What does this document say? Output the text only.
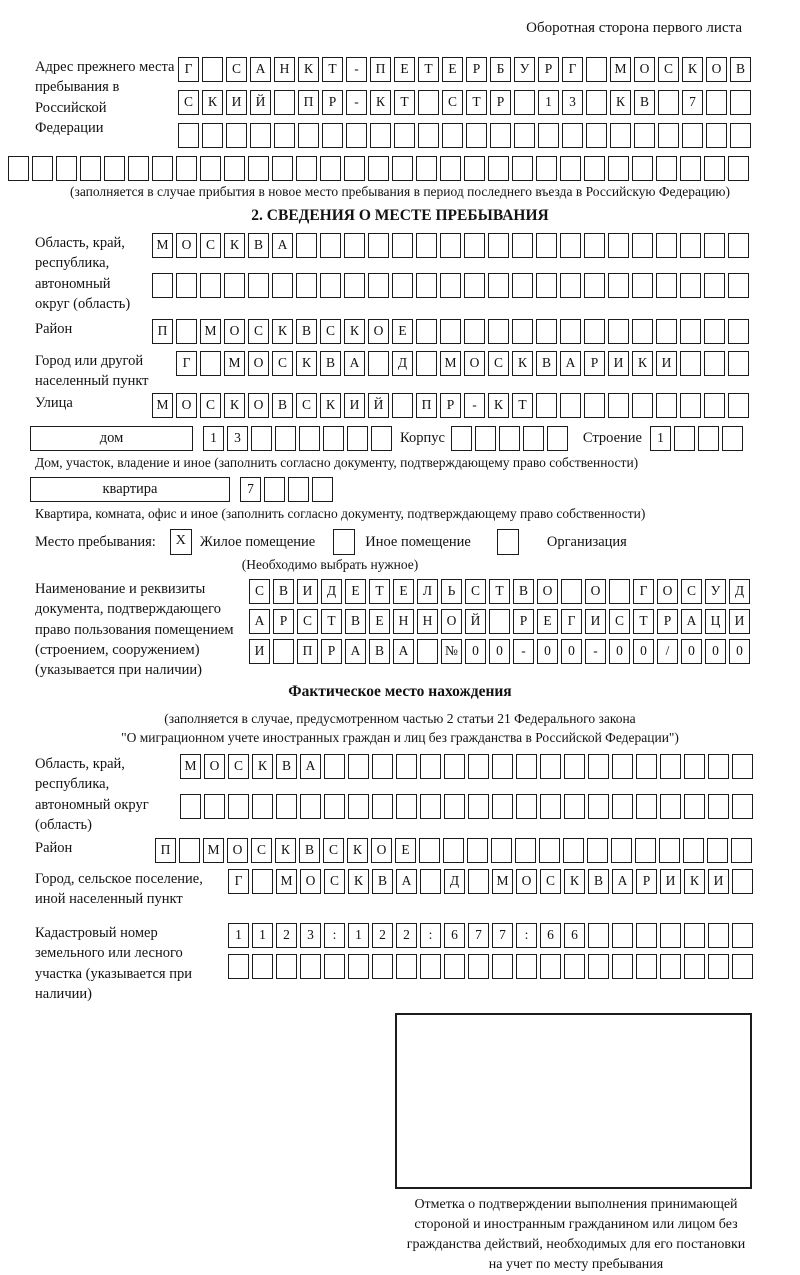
Оборотная сторона первого листа
Адрес прежнего места пребывания в Российской Федерации
Г	С	А	Н	К	Т	-	П	Е	Т	Е	Р	Б	У	Р	Г	М О	С	К	О	В
С	К	И	Й	П	Р	-	К	Т	С	Т	Р	1	3	К	В	7
(заполняется в случае прибытия в новое место пребывания в период последнего въезда в Российскую Федерацию)
2. СВЕДЕНИЯ О МЕСТЕ ПРЕБЫВАНИЯ
Область, край, республика, автономный округ (область)
М О	С	К	В	А
Район	П	М О	С	К	В	С	К	О	Е
Город или другой населенный пункт
Г	М О	С	К	В	А	Д	М О	С	К	В	А	Р	И	К	И
Улица	М О	С	К	О	В	С	К	И	Й	П	Р	-	К	Т
дом	1	3	Корпус	Строение	1
Дом, участок, владение и иное (заполнить согласно документу, подтверждающему право собственности)
квартира	7
Квартира, комната, офис и иное (заполнить согласно документу, подтверждающему право собственности)
Место пребывания:	X Жилое помещение	Иное помещение	Организация
(Необходимо выбрать нужное)
Наименование и реквизиты документа, подтверждающего право пользования помещением (строением, сооружением) (указывается при наличии)
С	В	И	Д	Е	Т	Е	Л	Ь	С	Т	В	О	О	Г	О	С	У	Д
А	Р	С	Т	В	Е	Н	Н	О	Й	Р	Е	Г	И	С	Т	Р	А	Ц	И
И	П	Р	А	В	А	№	0	0	-	0	0	-	0	0	/	0	0	0
Фактическое место нахождения
(заполняется в случае, предусмотренном частью 2 статьи 21 Федерального закона
"О миграционном учете иностранных граждан и лиц без гражданства в Российской Федерации")
Область, край, республика, автономный округ (область)
М О	С	К	В	А
Район	П	М О	С	К	В	С	К	О	Е
Город, сельское поселение, иной населенный пункт
Г	М О	С	К	В	А	Д	М О	С	К	В	А	Р	И	К	И
Кадастровый номер земельного или лесного участка (указывается при наличии)
1	1	2	3	:	1	2	2	:	6	7	7	:	6	6
Отметка о подтверждении выполнения принимающей
стороной и иностранным гражданином или лицом без
гражданства действий, необходимых для его постановки
на учет по месту пребывания
